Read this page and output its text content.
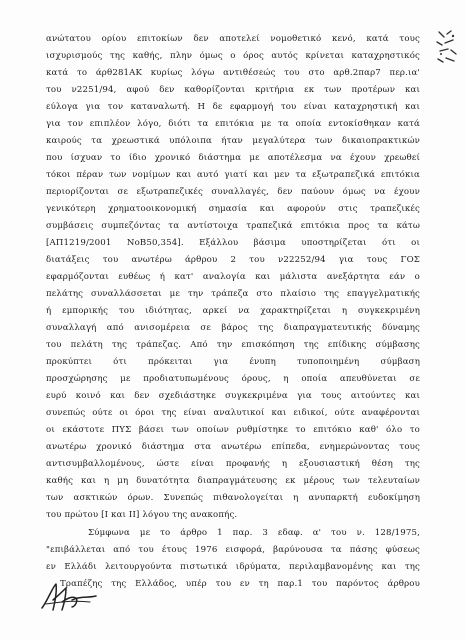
ανώτατου ορίου επιτοκίων δεν αποτελεί νομοθετικό κενό, κατά τους
ισχυρισμούς της καθής, πλην όμως ο όρος αυτός κρίνεται καταχρηστικός
κατά το άρθ281ΑΚ κυρίως λόγω αντιθέσεώς του στο αρθ.2παρ7 περ.ια'
του ν2251/94, αφού δεν καθορίζονται κριτήρια εκ των προτέρων και
εύλογα για τον καταναλωτή. Η δε εφαρμογή του είναι καταχρηστική και
για τον επιπλέον λόγο, διότι τα επιτόκια με τα οποία εντοκίσθηκαν κατά
καιρούς τα χρεωστικά υπόλοιπα ήταν μεγαλύτερα των δικαιοπρακτικών
που ίσχυαν το ίδιο χρονικό διάστημα με αποτέλεσμα να έχουν χρεωθεί
τόκοι πέραν των νομίμων και αυτό γιατί και μεν τα εξωτραπεζικά επιτόκια
περιορίζονται σε εξωτραπεζικές συναλλαγές, δεν παύουν όμως να έχουν
γενικότερη χρηματοοικονομική σημασία και αφορούν στις τραπεζικές
συμβάσεις συμπεζόντας τα αντίστοιχα τραπεζικά επιτόκια προς τα κάτω
[ΑΠ1219/2001 ΝοΒ50,354]. Εξάλλου βάσιμα υποστηρίζεται ότι οι
διατάξεις του ανωτέρω άρθρου 2 του ν22252/94 για τους ΓΟΣ
εφαρμόζονται ευθέως ή κατ' αναλογία και μάλιστα ανεξάρτητα εάν ο
πελάτης συναλλάσσεται με την τράπεζα στο πλαίσιο της επαγγελματικής
ή εμπορικής του ιδιότητας, αρκεί να χαρακτηρίζεται η συγκεκριμένη
συναλλαγή από ανισομέρεια σε βάρος της διαπραγματευτικής δύναμης
του πελάτη της τράπεζας. Από την επισκόπηση της επίδικης σύμβασης
προκύπτει ότι πρόκειται για ένυπη τυποποιημένη σύμβαση
προσχώρησης με προδιατυπωμένους όρους, η οποία απευθύνεται σε
ευρύ κοινό και δεν σχεδιάστηκε συγκεκριμένα για τους αιτούντες και
συνεπώς ούτε οι όροι της είναι αναλυτικοί και ειδικοί, ούτε αναφέρονται
οι εκάστοτε ΠΥΣ βάσει των οποίων ρυθμίστηκε το επιτόκιο καθ' όλο το
ανωτέρω χρονικό διάστημα στα ανωτέρω επίπεδα, ενημερώνοντας τους
αντισυμβαλλομένους, ώστε είναι προφανής η εξουσιαστική θέση της
καθής και η μη δυνατότητα διαπραγμάτευσης εκ μέρους των τελευταίων
των ασκτικών όρων. Συνεπώς πιθανολογείται η ανυπαρκτή ευδοκίμηση
του πρώτου [I και II] λόγου της ανακοπής.
Σύμφωνα με το άρθρο 1 παρ. 3 εδαφ. α' του ν. 128/1975,
"επιβάλλεται από του έτους 1976 εισφορά, βαρύνουσα τα πάσης φύσεως
εν Ελλάδι λειτουργούντα πιστωτικά ιδρύματα, περιλαμβανομένης και της
Τραπέζης της Ελλάδος, υπέρ του εν τη παρ.1 του παρόντος άρθρου
